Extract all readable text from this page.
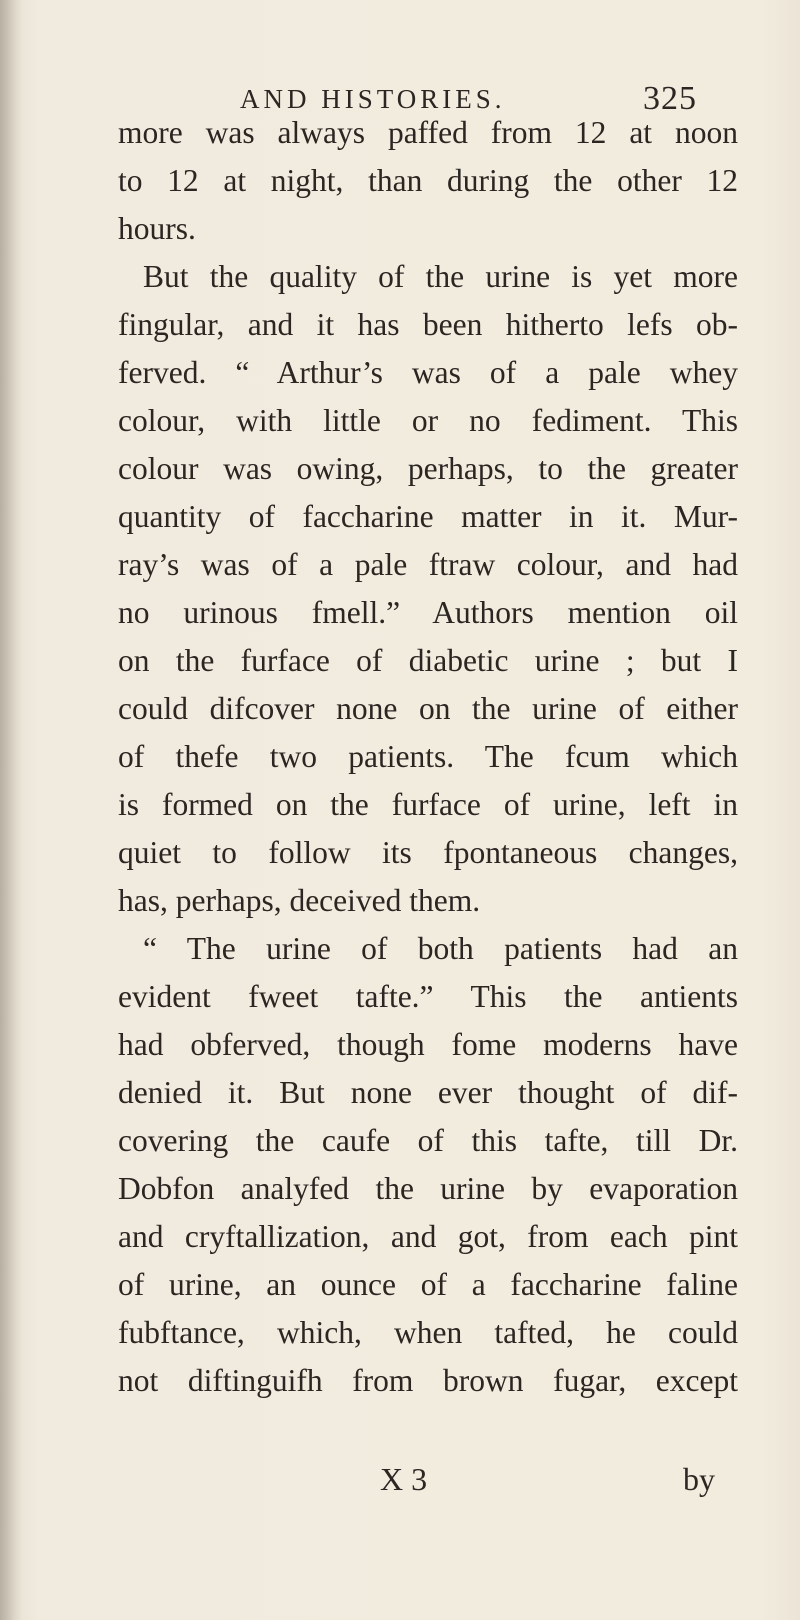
AND HISTORIES.	325
more was always paffed from 12 at noon
to 12 at night, than during the other 12
hours.
But the quality of the urine is yet more
fingular, and it has been hitherto lefs ob-
ferved. “ Arthur’s was of a pale whey
colour, with little or no fediment. This
colour was owing, perhaps, to the greater
quantity of faccharine matter in it. Mur-
ray’s was of a pale ftraw colour, and had
no urinous fmell.” Authors mention oil
on the furface of diabetic urine ; but I
could difcover none on the urine of either
of thefe two patients. The fcum which
is formed on the furface of urine, left in
quiet to follow its fpontaneous changes,
has, perhaps, deceived them.
“ The urine of both patients had an
evident fweet tafte.” This the antients
had obferved, though fome moderns have
denied it. But none ever thought of dif-
covering the caufe of this tafte, till Dr.
Dobfon analyfed the urine by evaporation
and cryftallization, and got, from each pint
of urine, an ounce of a faccharine faline
fubftance, which, when tafted, he could
not diftinguifh from brown fugar, except
X 3	by
